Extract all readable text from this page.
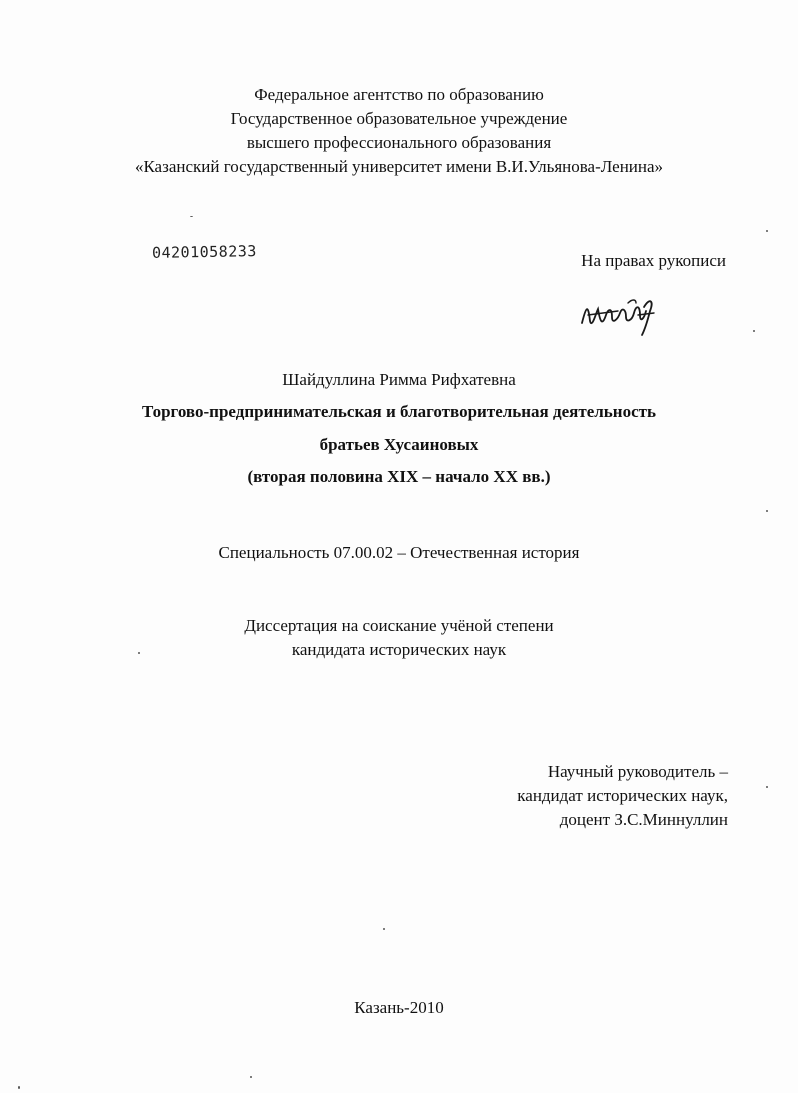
Федеральное агентство по образованию
Государственное образовательное учреждение
высшего профессионального образования
«Казанский государственный университет имени В.И.Ульянова-Ленина»
04201058233	На правах рукописи
Шайдуллина Римма Рифхатевна
Торгово-предпринимательская и благотворительная деятельность
братьев Хусаиновых
(вторая половина XIX – начало XX вв.)
Специальность 07.00.02 – Отечественная история
Диссертация на соискание учёной степени
кандидата исторических наук
Научный руководитель –
кандидат исторических наук,
доцент З.С.Миннуллин
Казань-2010
